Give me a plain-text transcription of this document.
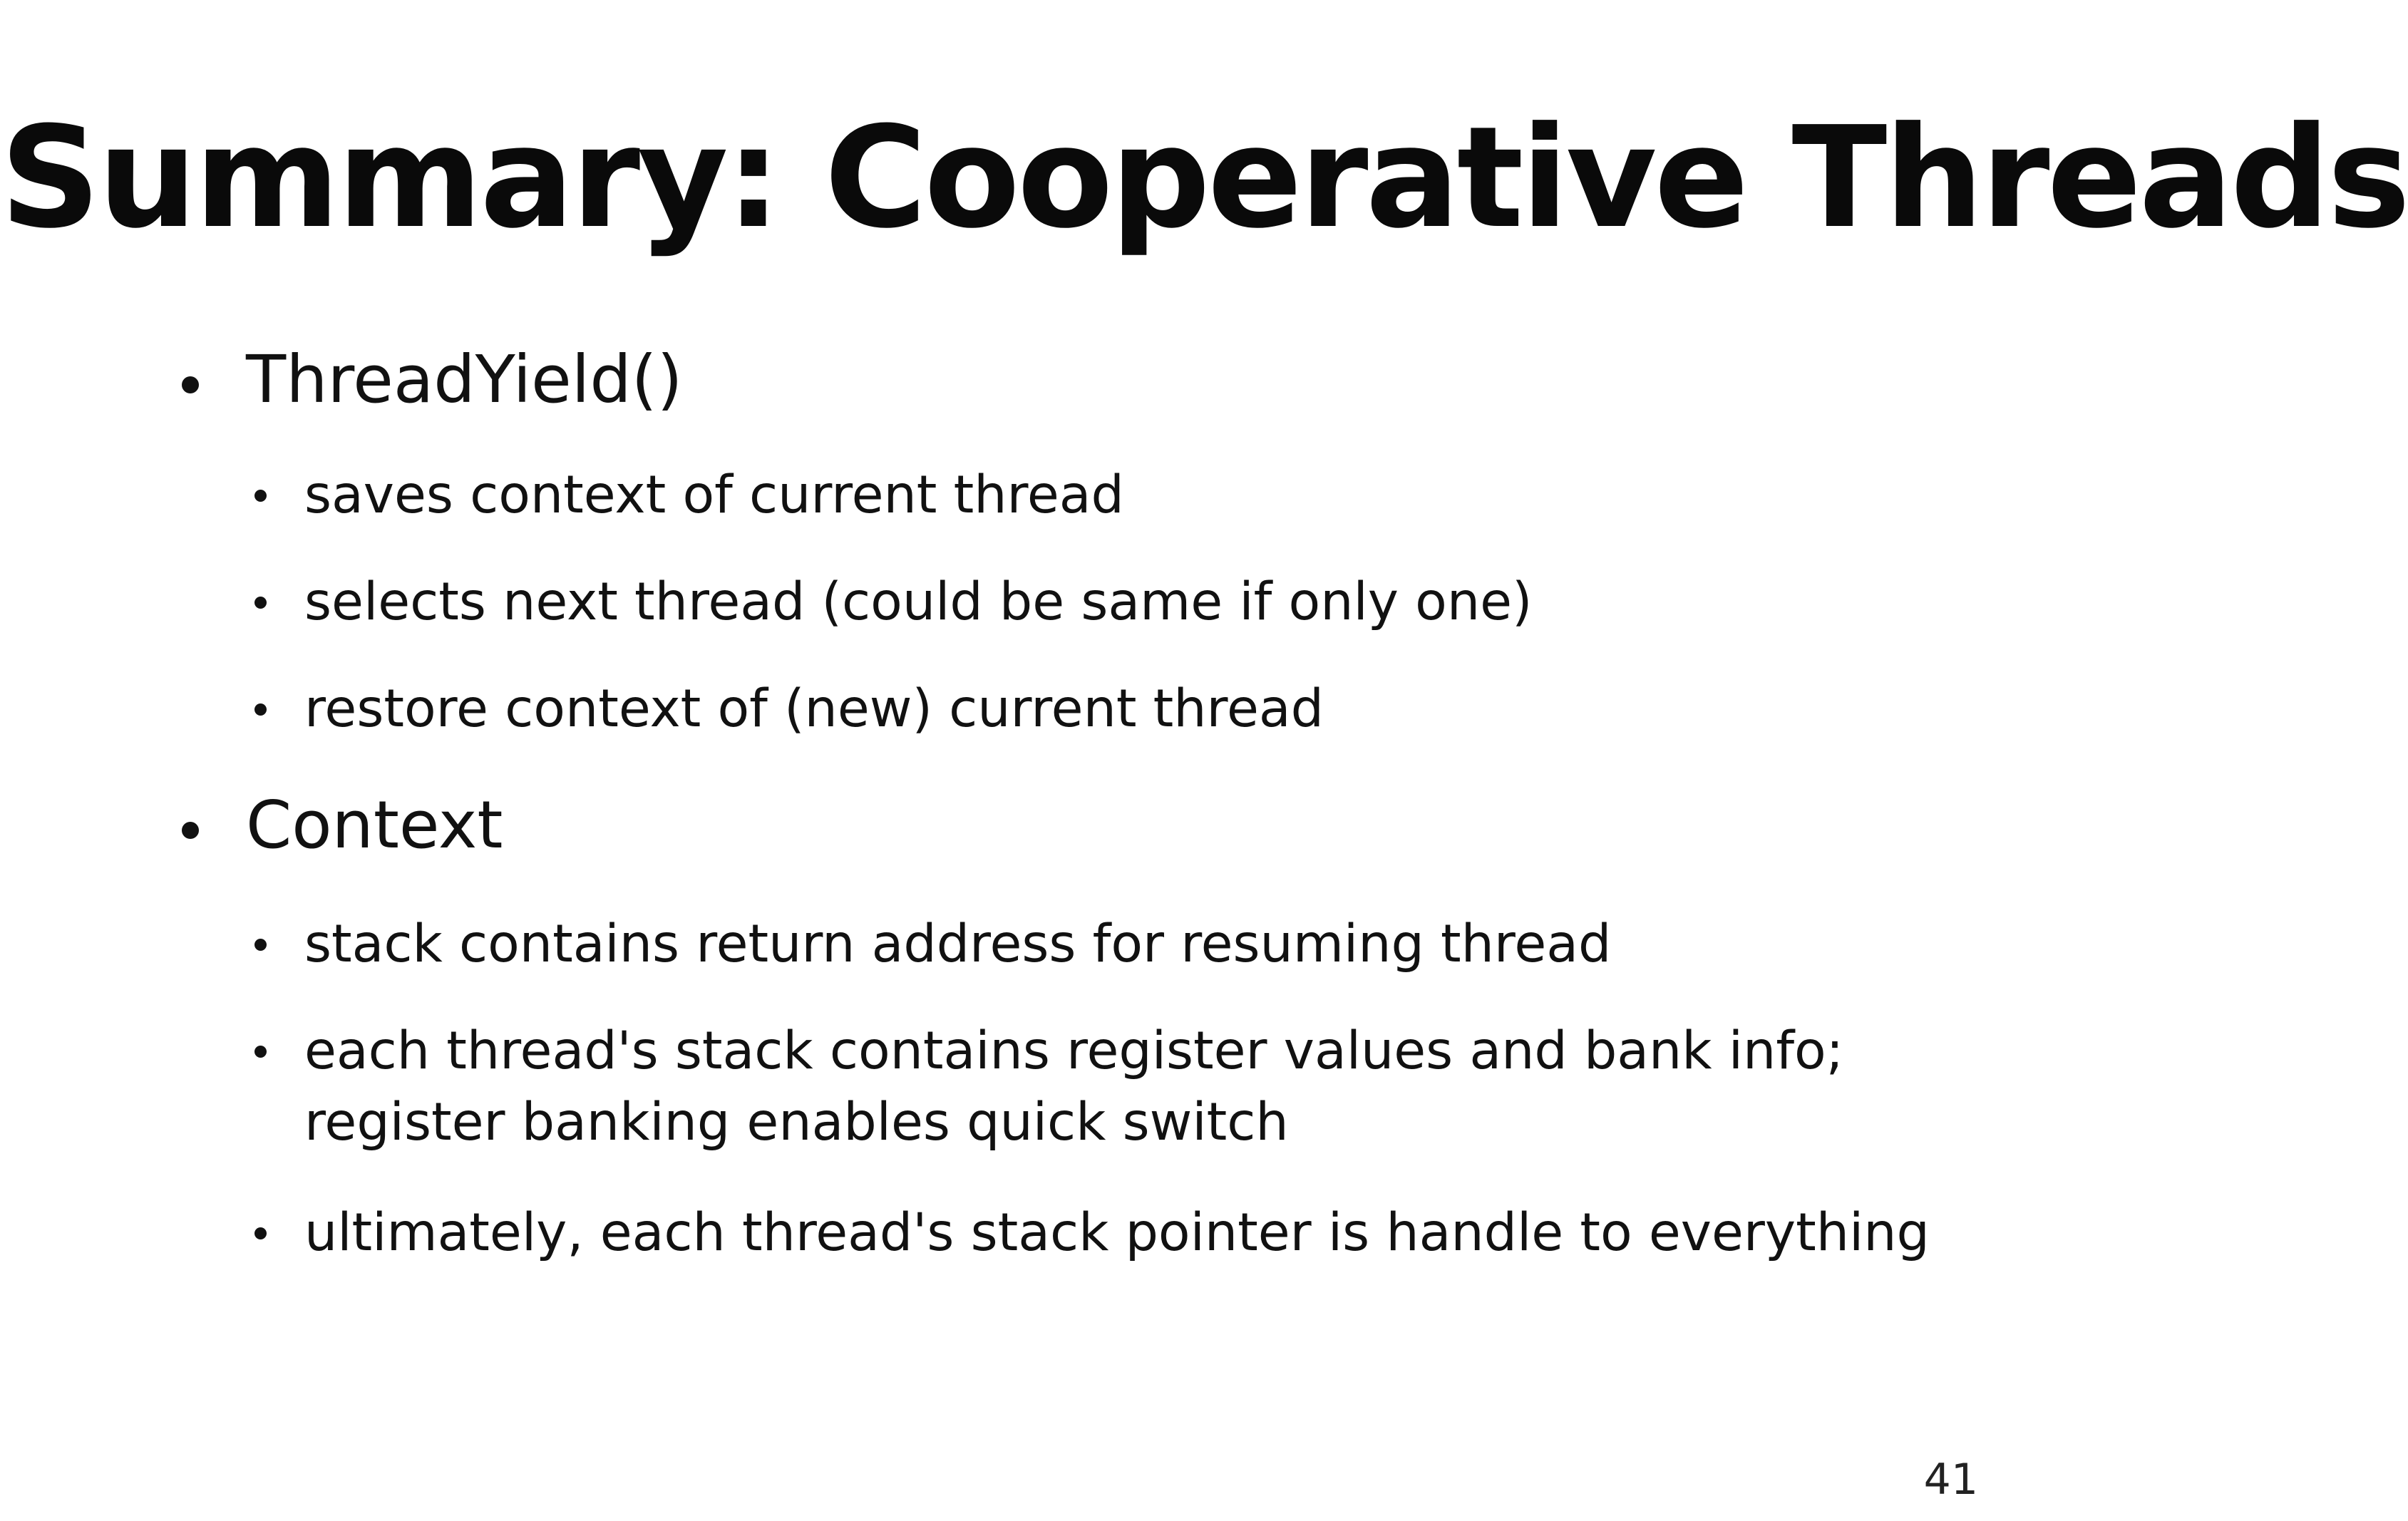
Summary: Cooperative Threads
ThreadYield()
saves context of current thread
selects next thread (could be same if only one)
restore context of (new) current thread
Context
stack contains return address for resuming thread
each thread's stack contains register values and bank info;
register banking enables quick switch
ultimately, each thread's stack pointer is handle to everything
41
